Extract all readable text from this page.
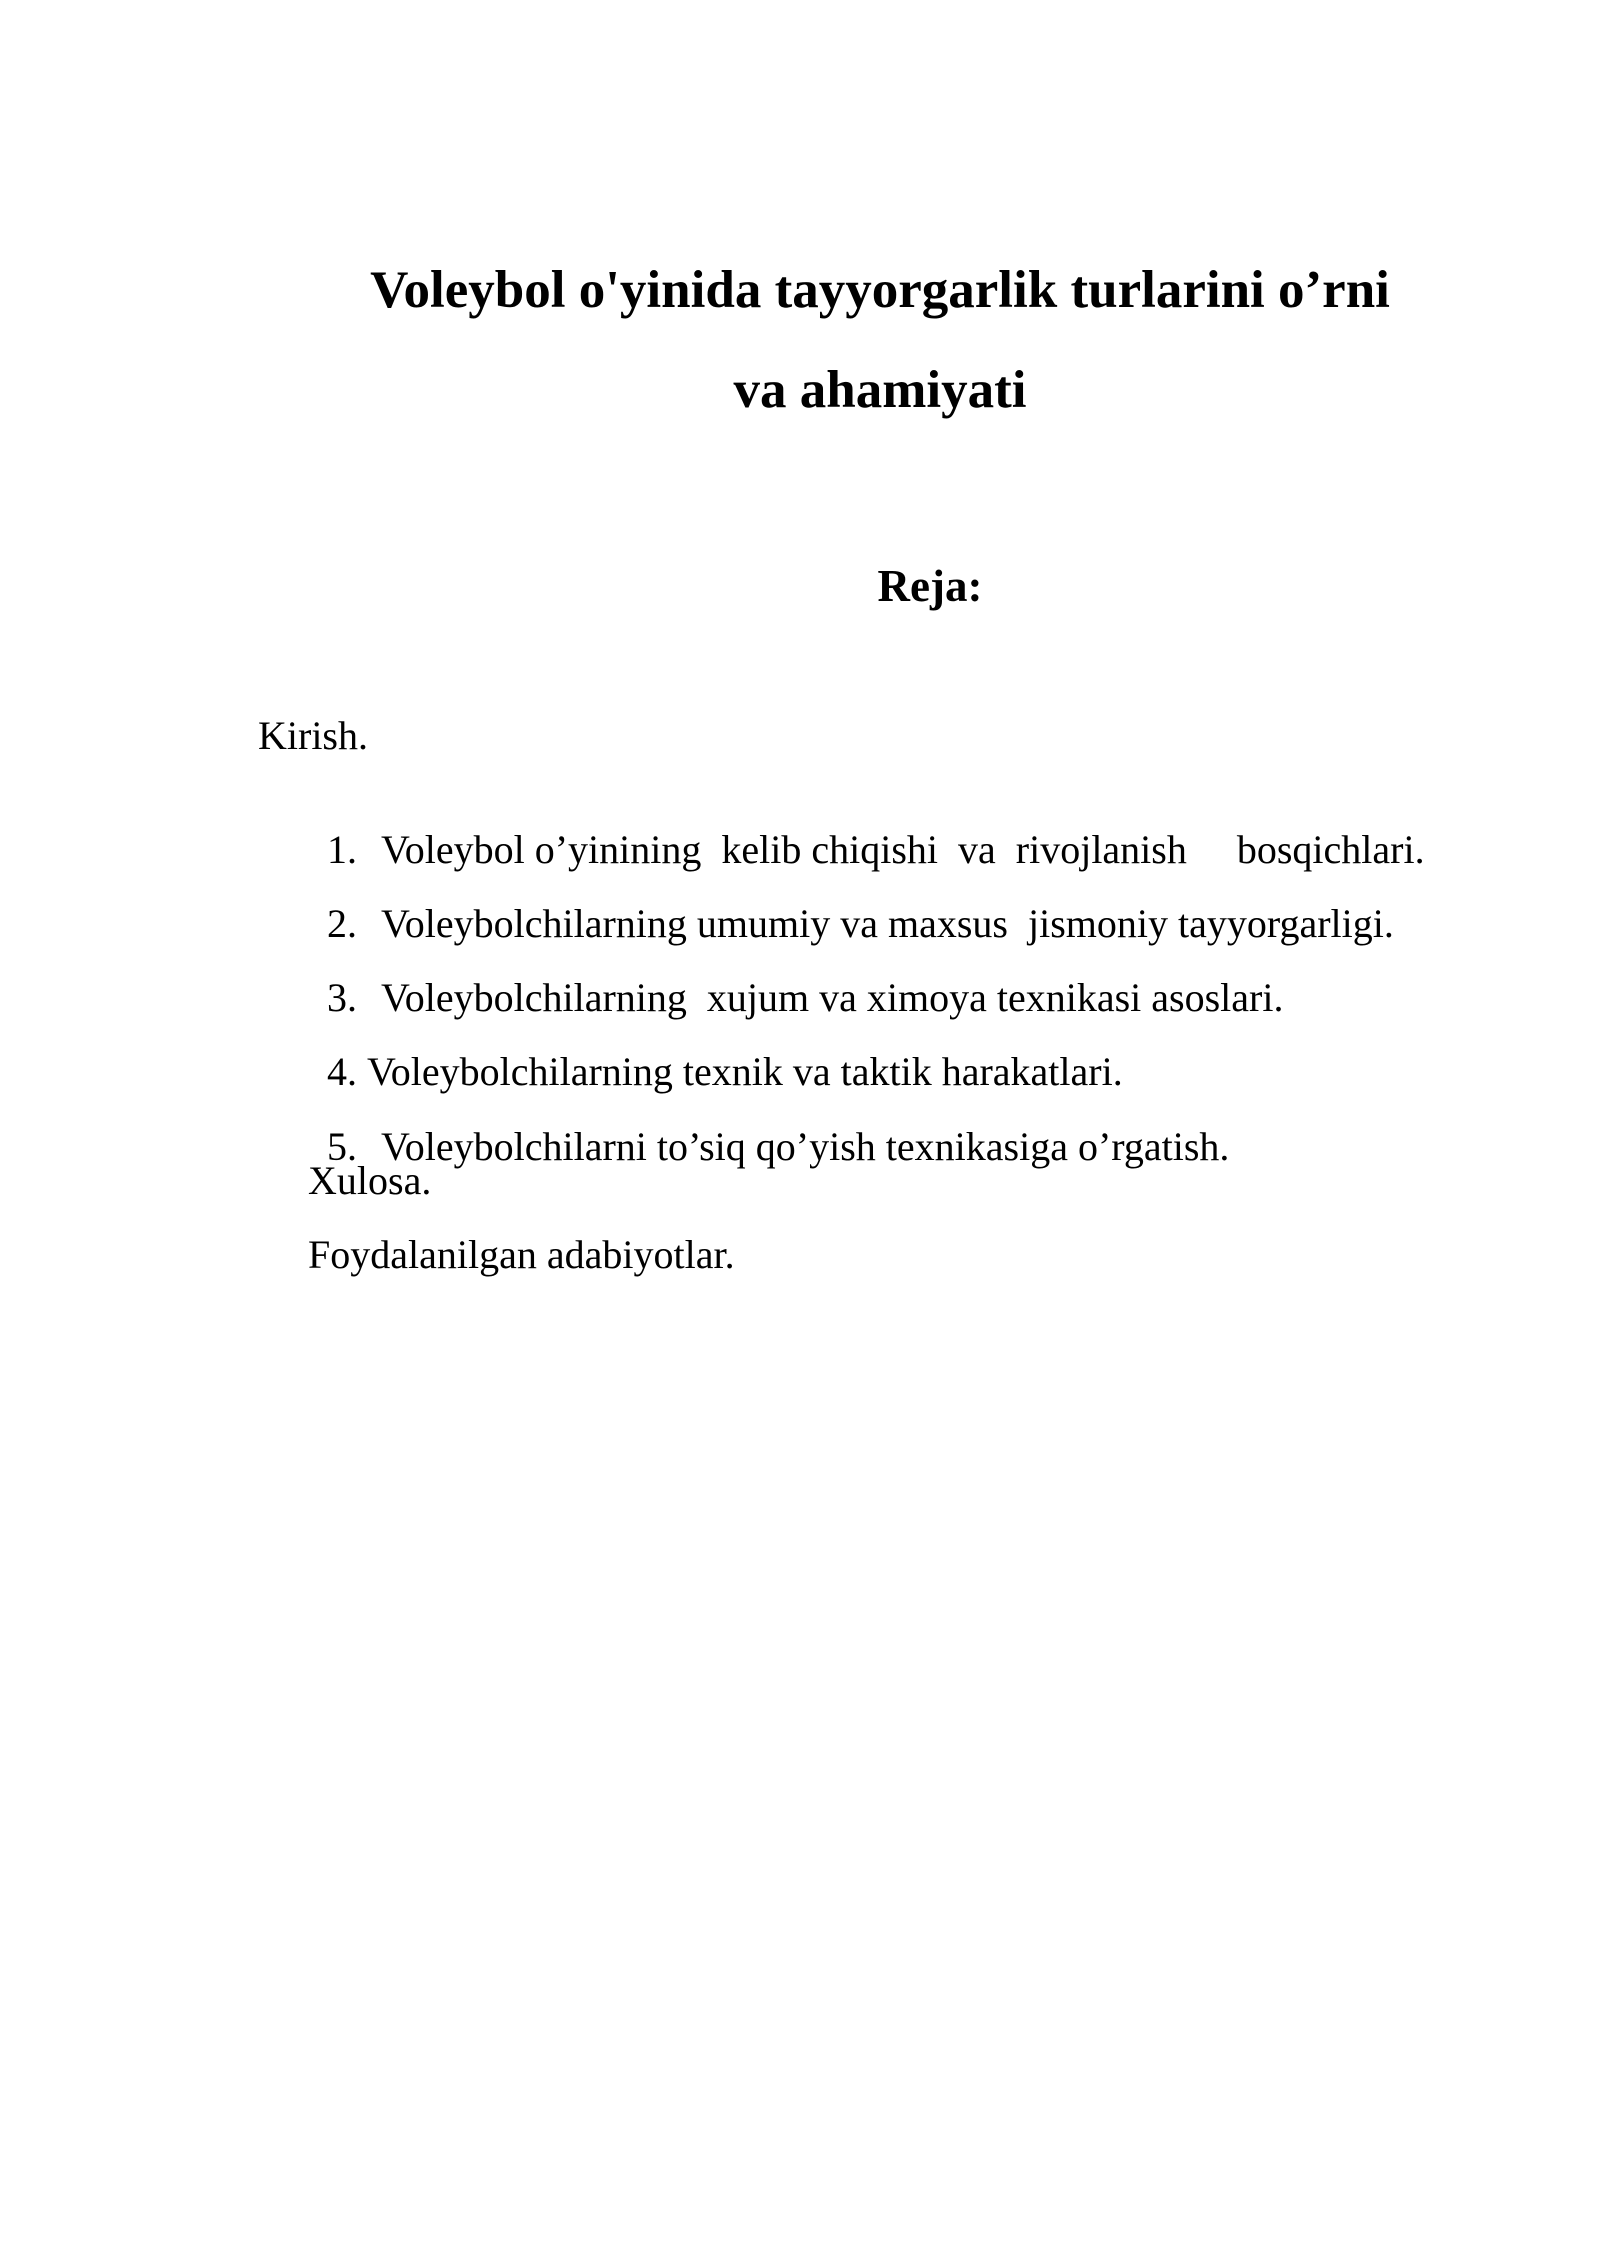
Voleybol o'yinida tayyorgarlik turlarini o’rni
va ahamiyati
Reja:

Kirish.

1. Voleybol o’yinining  kelib chiqishi  va  rivojlanish     bosqichlari.

2. Voleybolchilarning umumiy va maxsus  jismoniy tayyorgarligi.

3. Voleybolchilarning  xujum va ximoya texnikasi asoslari.

4. Voleybolchilarning texnik va taktik harakatlari.

5. Voleybolchilarni to’siq qo’yish texnikasiga o’rgatish.

Xulosa.

Foydalanilgan adabiyotlar.
